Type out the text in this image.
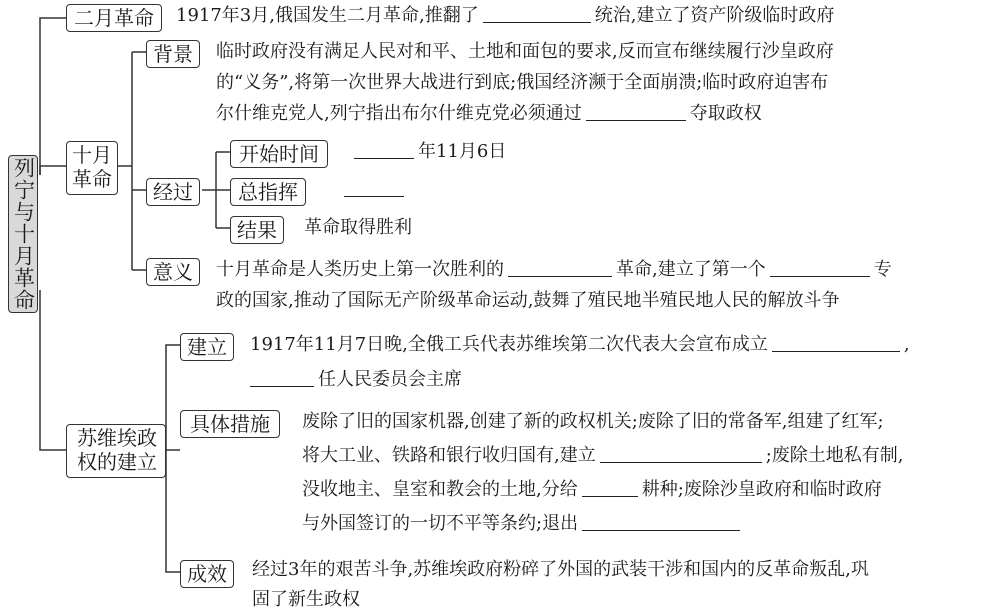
列宁与十月革命
二月革命	1917年3月,俄国发生二月革命,推翻了	统治,建立了资产阶级临时政府
十月革命
背景	临时政府没有满足人民对和平、土地和面包的要求,反而宣布继续履行沙皇政府
的“义务”,将第一次世界大战进行到底;俄国经济濒于全面崩溃;临时政府迫害布
尔什维克党人,列宁指出布尔什维克党必须通过	夺取政权
经过
开始时间	年11月6日
总指挥
结果	革命取得胜利
意义	十月革命是人类历史上第一次胜利的	革命,建立了第一个	专
政的国家,推动了国际无产阶级革命运动,鼓舞了殖民地半殖民地人民的解放斗争
苏维埃政权的建立
建立	1917年11月7日晚,全俄工兵代表苏维埃第二次代表大会宣布成立	,
任人民委员会主席
具体措施	废除了旧的国家机器,创建了新的政权机关;废除了旧的常备军,组建了红军;
将大工业、铁路和银行收归国有,建立	;废除土地私有制,
没收地主、皇室和教会的土地,分给	耕种;废除沙皇政府和临时政府
与外国签订的一切不平等条约;退出
成效	经过3年的艰苦斗争,苏维埃政府粉碎了外国的武装干涉和国内的反革命叛乱,巩
固了新生政权
